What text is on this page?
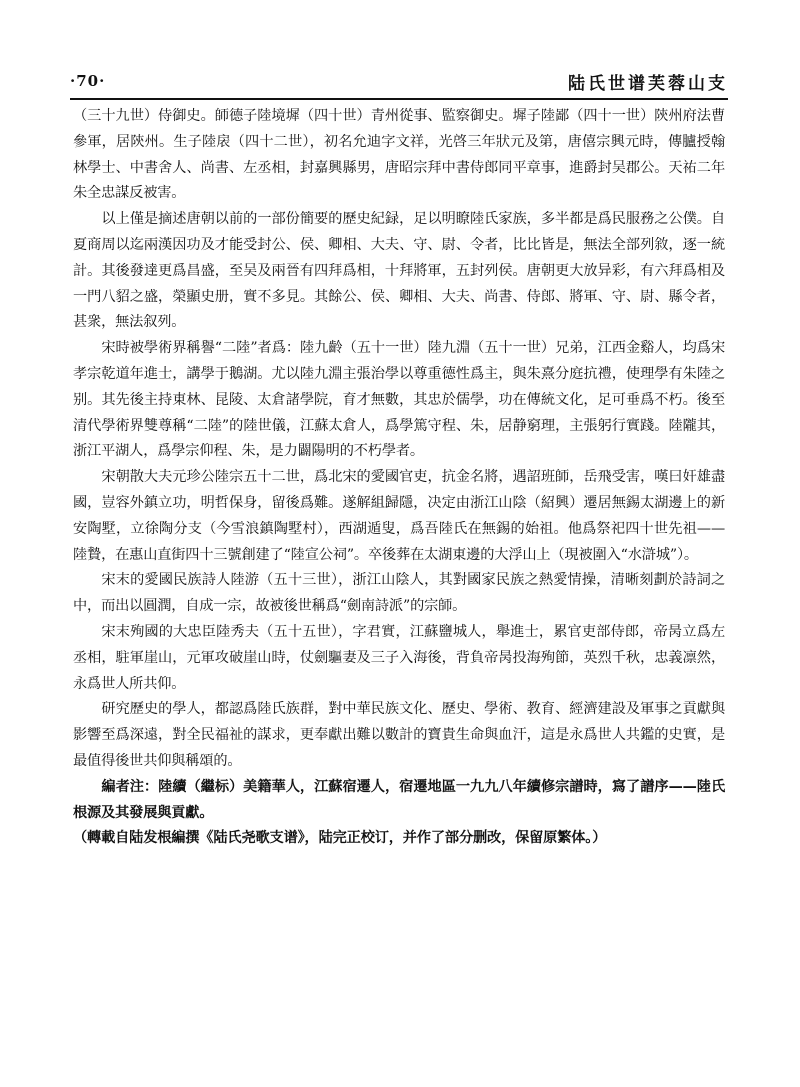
·70·	陆氏世谱芙蓉山支

（三十九世）侍御史。師德子陸境墀（四十世）青州從事、監察御史。墀子陸鄙（四十一世）陝州府法曹參軍，居陝州。生子陸扆（四十二世），初名允迪字文祥，光啓三年狀元及第，唐僖宗興元時，傳臚授翰林學士、中書舍人、尚書、左丞相，封嘉興縣男，唐昭宗拜中書侍郎同平章事，進爵封吴郡公。天祐二年朱全忠謀反被害。

以上僅是摘述唐朝以前的一部份簡要的歷史紀録，足以明瞭陸氏家族，多半都是爲民服務之公僕。自夏商周以迄兩漢因功及才能受封公、侯、卿相、大夫、守、尉、令者，比比皆是，無法全部列敘，逐一統計。其後發達更爲昌盛，至吴及兩晉有四拜爲相，十拜將軍，五封列侯。唐朝更大放异彩，有六拜爲相及一門八貂之盛，榮顯史册，實不多見。其餘公、侯、卿相、大夫、尚書、侍郎、將軍、守、尉、縣令者，甚衆，無法叙列。

宋時被學術界稱譽“二陸”者爲：陸九齡（五十一世）陸九淵（五十一世）兄弟，江西金谿人，均爲宋孝宗乾道年進士，講學于鵝湖。尤以陸九淵主張治學以尊重德性爲主，與朱熹分庭抗禮，使理學有朱陸之别。其先後主持東林、昆陵、太倉諸學院，育才無數，其忠於儒學，功在傳統文化，足可垂爲不朽。後至清代學術界雙尊稱“二陸”的陸世儀，江蘇太倉人，爲學篤守程、朱，居静窮理，主張躬行實踐。陸隴其，浙江平湖人，爲學宗仰程、朱，是力闢陽明的不朽學者。

宋朝散大夫元珍公陸宗五十二世，爲北宋的愛國官吏，抗金名將，遇詔班師，岳飛受害，嘆曰奸雄盡國，豈容外鎮立功，明哲保身，留後爲難。遂解組歸隱，决定由浙江山陰（紹興）遷居無錫太湖邊上的新安陶墅，立徐陶分支（今雪浪鎮陶墅村），西湖遁叟，爲吾陸氏在無錫的始祖。他爲祭祀四十世先祖——陸贄，在惠山直街四十三號創建了“陸宣公祠”。卒後葬在太湖東邊的大浮山上（現被圍入“水滸城”）。

宋末的愛國民族詩人陸游（五十三世），浙江山陰人，其對國家民族之熱愛情操，清晰刻劃於詩詞之中，而出以圓潤，自成一宗，故被後世稱爲“劍南詩派”的宗師。

宋末殉國的大忠臣陸秀夫（五十五世），字君實，江蘇鹽城人，舉進士，累官吏部侍郎，帝昺立爲左丞相，駐軍崖山，元軍攻破崖山時，仗劍驅妻及三子入海後，背負帝昺投海殉節，英烈千秋，忠義凛然，永爲世人所共仰。

研究歷史的學人，都認爲陸氏族群，對中華民族文化、歷史、學術、教育、經濟建設及軍事之貢獻與影響至爲深遠，對全民福祉的謀求，更奉獻出難以數計的寶貴生命與血汗，這是永爲世人共鑑的史實，是最值得後世共仰與稱頌的。

編者注：陸續（繼标）美籍華人，江蘇宿遷人，宿遷地區一九九八年續修宗譜時，寫了譜序——陸氏根源及其發展與貢獻。

（轉載自陆发根編撰《陆氏尧歌支谱》，陆完正校订，并作了部分删改，保留原繁体。）
